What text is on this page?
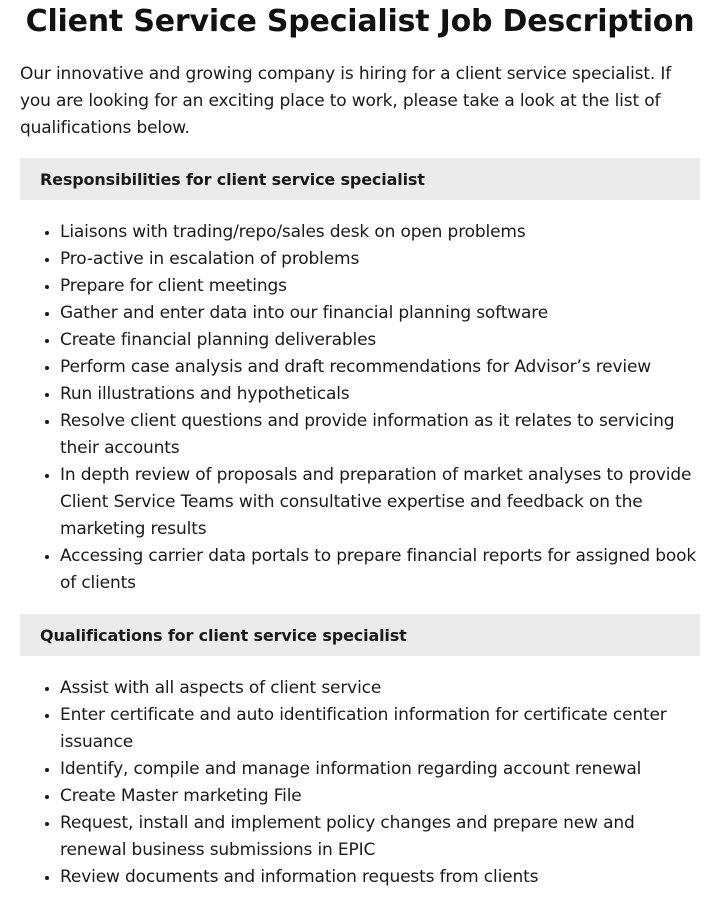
Client Service Specialist Job Description

Our innovative and growing company is hiring for a client service specialist. If you are looking for an exciting place to work, please take a look at the list of qualifications below.

Responsibilities for client service specialist
• Liaisons with trading/repo/sales desk on open problems
• Pro-active in escalation of problems
• Prepare for client meetings
• Gather and enter data into our financial planning software
• Create financial planning deliverables
• Perform case analysis and draft recommendations for Advisor’s review
• Run illustrations and hypotheticals
• Resolve client questions and provide information as it relates to servicing their accounts
• In depth review of proposals and preparation of market analyses to provide Client Service Teams with consultative expertise and feedback on the marketing results
• Accessing carrier data portals to prepare financial reports for assigned book of clients
Qualifications for client service specialist
• Assist with all aspects of client service
• Enter certificate and auto identification information for certificate center issuance
• Identify, compile and manage information regarding account renewal
• Create Master marketing File
• Request, install and implement policy changes and prepare new and renewal business submissions in EPIC
• Review documents and information requests from clients
